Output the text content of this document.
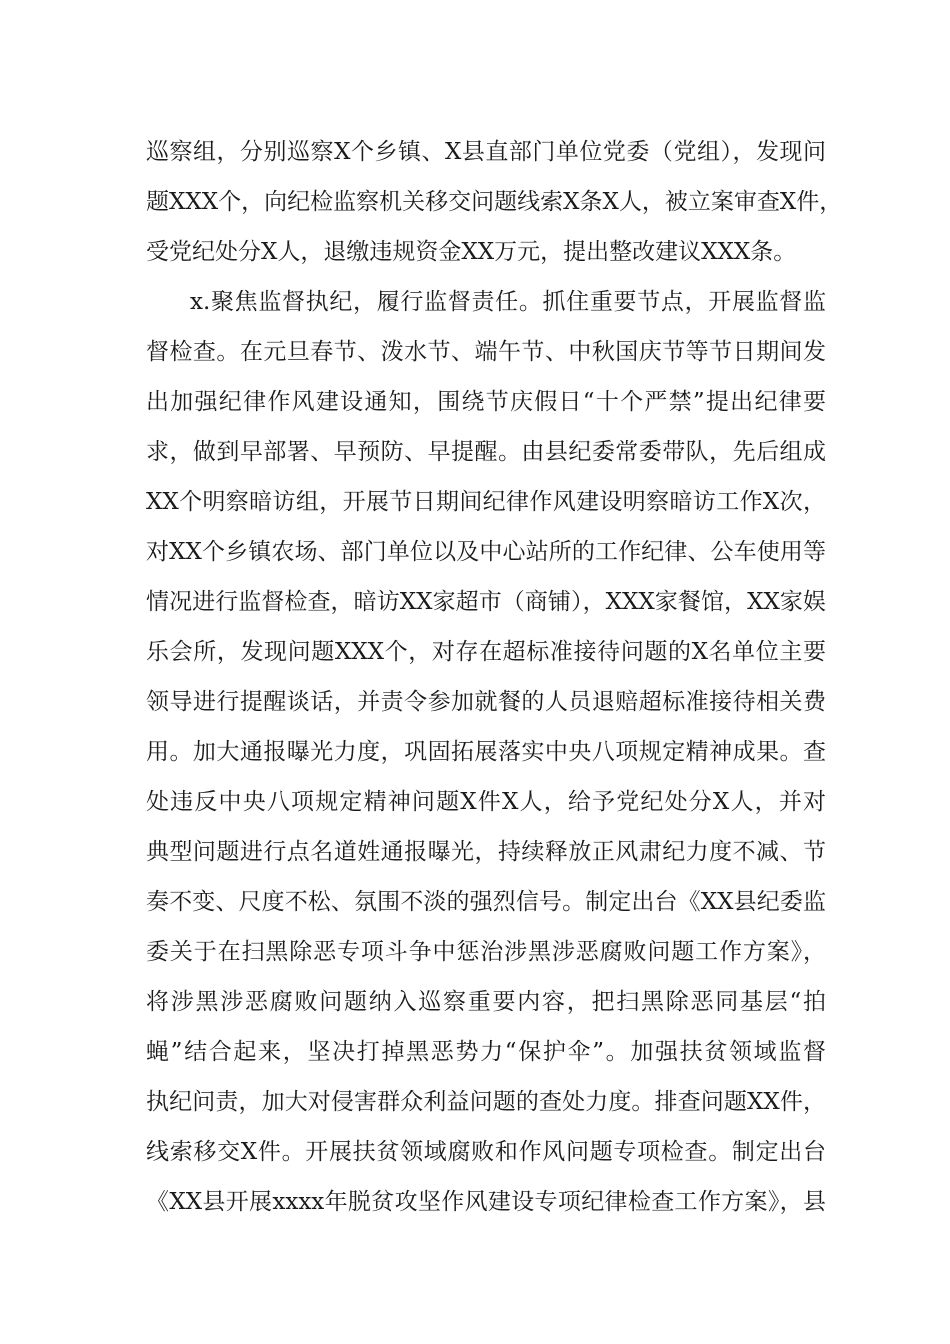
巡察组，分别巡察X个乡镇、X县直部门单位党委（党组），发现问
题XXX个，向纪检监察机关移交问题线索X条X人，被立案审查X件，
受党纪处分X人，退缴违规资金XX万元，提出整改建议XXX条。
x.聚焦监督执纪，履行监督责任。抓住重要节点，开展监督监
督检查。在元旦春节、泼水节、端午节、中秋国庆节等节日期间发
出加强纪律作风建设通知，围绕节庆假日“十个严禁”提出纪律要
求，做到早部署、早预防、早提醒。由县纪委常委带队，先后组成
XX个明察暗访组，开展节日期间纪律作风建设明察暗访工作X次，
对XX个乡镇农场、部门单位以及中心站所的工作纪律、公车使用等
情况进行监督检查，暗访XX家超市（商铺），XXX家餐馆，XX家娱
乐会所，发现问题XXX个，对存在超标准接待问题的X名单位主要
领导进行提醒谈话，并责令参加就餐的人员退赔超标准接待相关费
用。加大通报曝光力度，巩固拓展落实中央八项规定精神成果。查
处违反中央八项规定精神问题X件X人，给予党纪处分X人，并对
典型问题进行点名道姓通报曝光，持续释放正风肃纪力度不减、节
奏不变、尺度不松、氛围不淡的强烈信号。制定出台《XX县纪委监
委关于在扫黑除恶专项斗争中惩治涉黑涉恶腐败问题工作方案》，
将涉黑涉恶腐败问题纳入巡察重要内容，把扫黑除恶同基层“拍
蝇”结合起来，坚决打掉黑恶势力“保护伞”。加强扶贫领域监督
执纪问责，加大对侵害群众利益问题的查处力度。排查问题XX件，
线索移交X件。开展扶贫领域腐败和作风问题专项检查。制定出台
《XX县开展xxxx年脱贫攻坚作风建设专项纪律检查工作方案》，县
